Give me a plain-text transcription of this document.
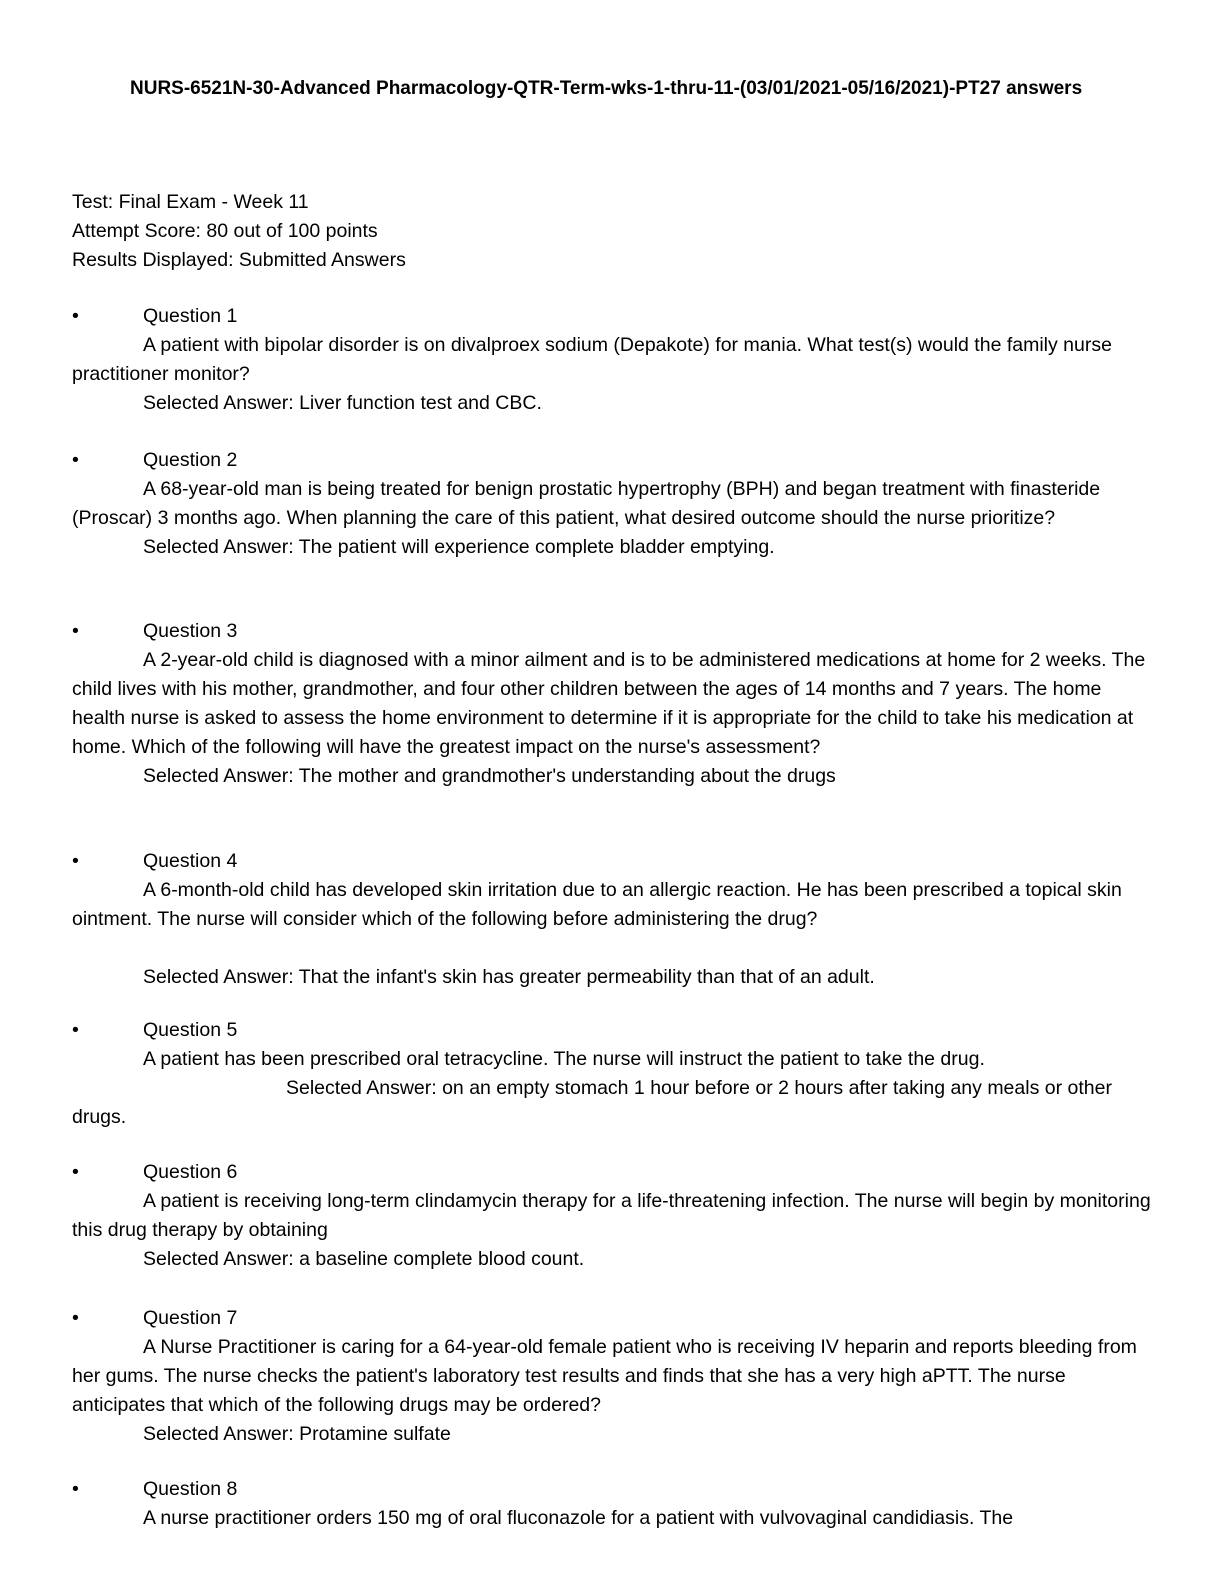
NURS-6521N-30-Advanced Pharmacology-QTR-Term-wks-1-thru-11-(03/01/2021-05/16/2021)-PT27 answers

Test: Final Exam - Week 11
Attempt Score: 80 out of 100 points
Results Displayed: Submitted Answers
•	Question 1

A patient with bipolar disorder is on divalproex sodium (Depakote) for mania. What test(s) would the family nurse practitioner monitor?

Selected Answer: Liver function test and CBC.

•	Question 2

A 68-year-old man is being treated for benign prostatic hypertrophy (BPH) and began treatment with finasteride (Proscar) 3 months ago. When planning the care of this patient, what desired outcome should the nurse prioritize?

Selected Answer: The patient will experience complete bladder emptying.

•	Question 3

A 2-year-old child is diagnosed with a minor ailment and is to be administered medications at home for 2 weeks. The child lives with his mother, grandmother, and four other children between the ages of 14 months and 7 years. The home health nurse is asked to assess the home environment to determine if it is appropriate for the child to take his medication at home. Which of the following will have the greatest impact on the nurse's assessment?

Selected Answer: The mother and grandmother's understanding about the drugs

•	Question 4

A 6-month-old child has developed skin irritation due to an allergic reaction. He has been prescribed a topical skin ointment. The nurse will consider which of the following before administering the drug?

Selected Answer: That the infant's skin has greater permeability than that of an adult.

•	Question 5

A patient has been prescribed oral tetracycline. The nurse will instruct the patient to take the drug.

Selected Answer: on an empty stomach 1 hour before or 2 hours after taking any meals or other drugs.

•	Question 6

A patient is receiving long-term clindamycin therapy for a life-threatening infection. The nurse will begin by monitoring this drug therapy by obtaining

Selected Answer: a baseline complete blood count.

•	Question 7

A Nurse Practitioner is caring for a 64-year-old female patient who is receiving IV heparin and reports bleeding from her gums. The nurse checks the patient's laboratory test results and finds that she has a very high aPTT. The nurse anticipates that which of the following drugs may be ordered?

Selected Answer: Protamine sulfate

•	Question 8

A nurse practitioner orders 150 mg of oral fluconazole for a patient with vulvovaginal candidiasis. The
